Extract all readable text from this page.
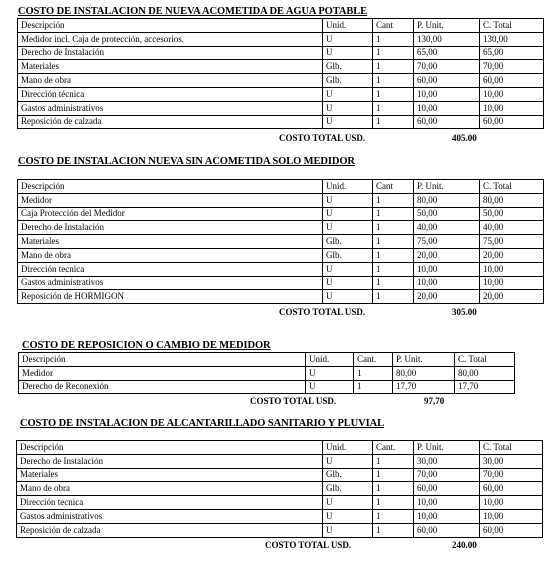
COSTO DE INSTALACION DE NUEVA ACOMETIDA DE AGUA POTABLE
Descripción	Unid.	Cant	P. Unit.	C. Total
Medidor incl. Caja de protección, accesorios.	U	1	130,00	130,00
Derecho de Instalación	U	1	65,00	65,00
Materiales	Glb.	1	70,00	70,00
Mano de obra	Glb.	1	60,00	60,00
Dirección técnica	U	1	10,00	10,00
Gastos administrativos	U	1	10,00	10,00
Reposición de calzada	U	1	60,00	60,00
COSTO TOTAL USD.	405.00
COSTO DE INSTALACION NUEVA SIN ACOMETIDA SOLO MEDIDOR
Descripción	Unid.	Cant	P. Unit.	C. Total
Medidor	U	1	80,00	80,00
Caja Protección del Medidor	U	1	50,00	50,00
Derecho de Instalación	U	1	40,00	40,00
Materiales	Glb.	1	75,00	75,00
Mano de obra	Glb.	1	20,00	20,00
Dirección tecnica	U	1	10,00	10,00
Gastos administrativos	U	1	10,00	10,00
Reposición de HORMIGON	U	1	20,00	20,00
COSTO TOTAL USD.	305.00
COSTO DE REPOSICION O CAMBIO DE MEDIDOR
Descripción	Unid.	Cant.	P. Unit.	C. Total
Medidor	U	1	80,00	80,00
Derecho de Reconexión	U	1	17,70	17,70
COSTO TOTAL USD.	97,70
COSTO DE INSTALACION DE ALCANTARILLADO SANITARIO Y PLUVIAL
Descripción	Unid.	Cant.	P. Unit.	C. Total
Derecho de Instalación	U	1	30,00	30,00
Materiales	Glb.	1	70,00	70,00
Mano de obra	Glb.	1	60,00	60,00
Dirección tecnica	U	1	10,00	10,00
Gastos administrativos	U	1	10,00	10,00
Reposición de calzada	U	1	60,00	60,00
COSTO TOTAL USD.	240.00
